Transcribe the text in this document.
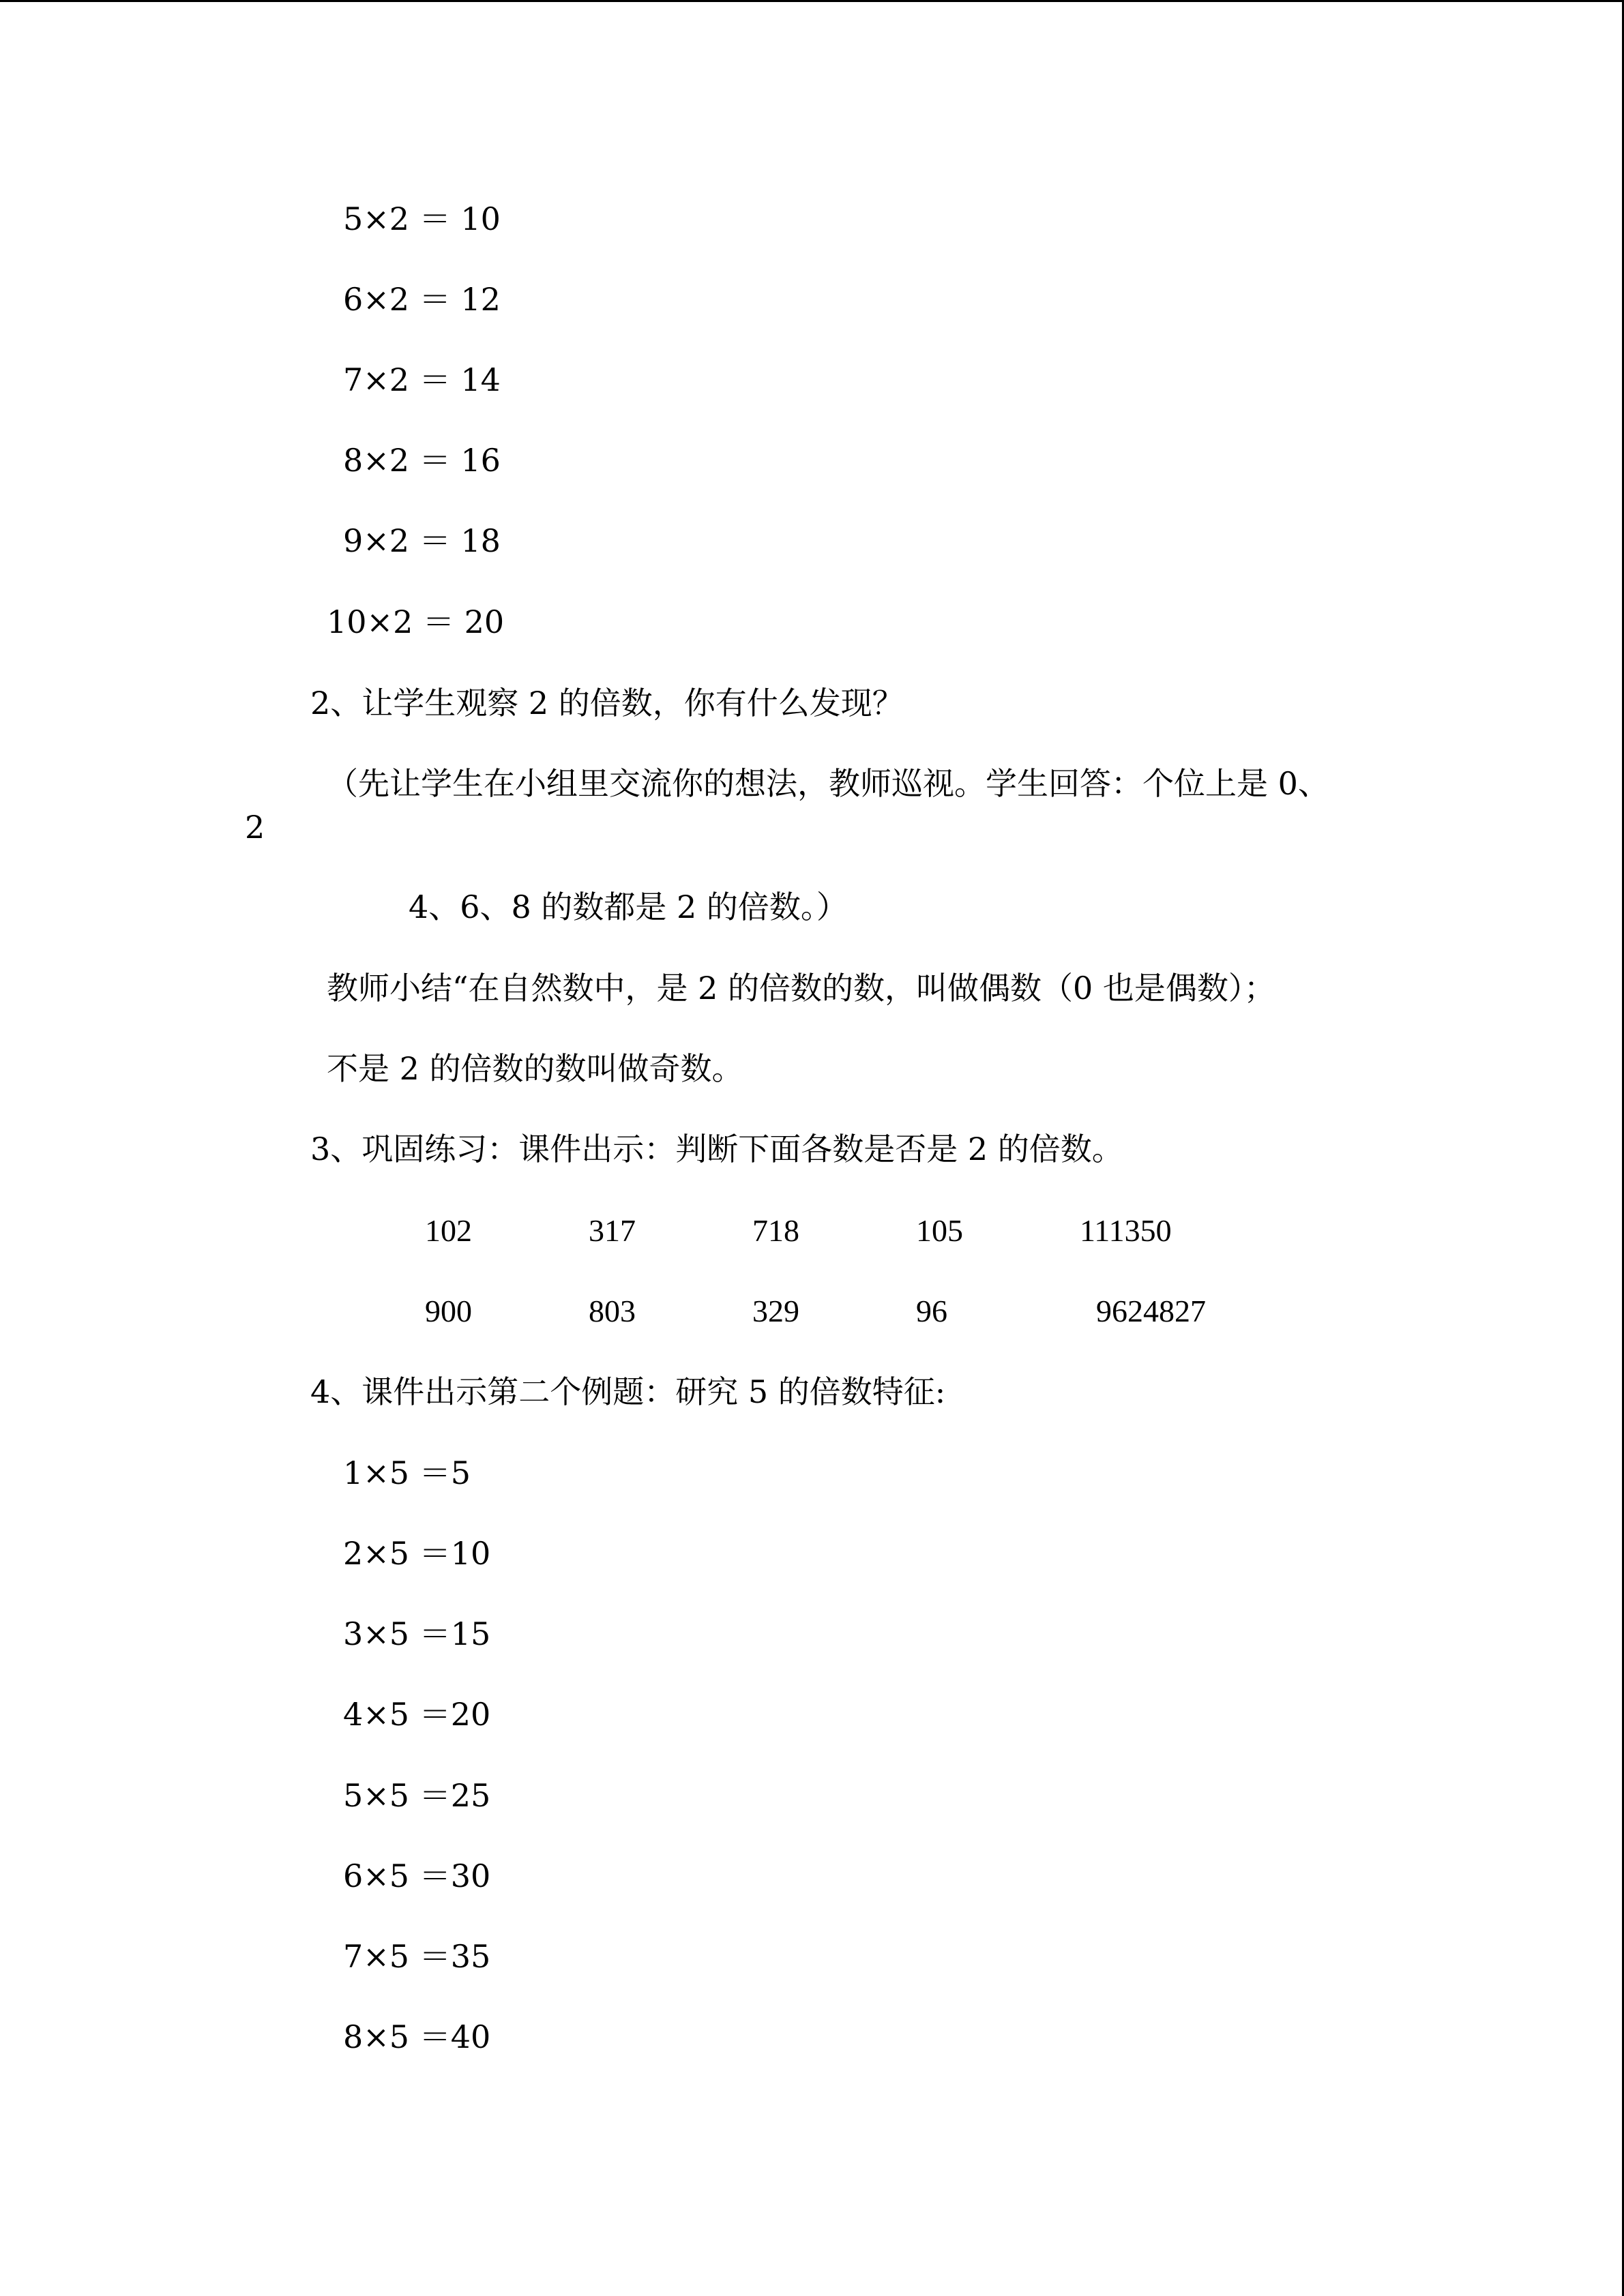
5×2 ＝ 10
6×2 ＝ 12
7×2 ＝ 14
8×2 ＝ 16
9×2 ＝ 18
10×2 ＝ 20
2、让学生观察 2 的倍数，你有什么发现？
（先让学生在小组里交流你的想法，教师巡视。学生回答：个位上是 0、
2
4、6、8 的数都是 2 的倍数。）
教师小结“在自然数中，是 2 的倍数的数，叫做偶数（0 也是偶数）；
不是 2 的倍数的数叫做奇数。
3、巩固练习：课件出示：判断下面各数是否是 2 的倍数。
102	317	718	105	111350
900	803	329	96	9624827
4、课件出示第二个例题：研究 5 的倍数特征:
1×5 ＝5
2×5 ＝10
3×5 ＝15
4×5 ＝20
5×5 ＝25
6×5 ＝30
7×5 ＝35
8×5 ＝40
